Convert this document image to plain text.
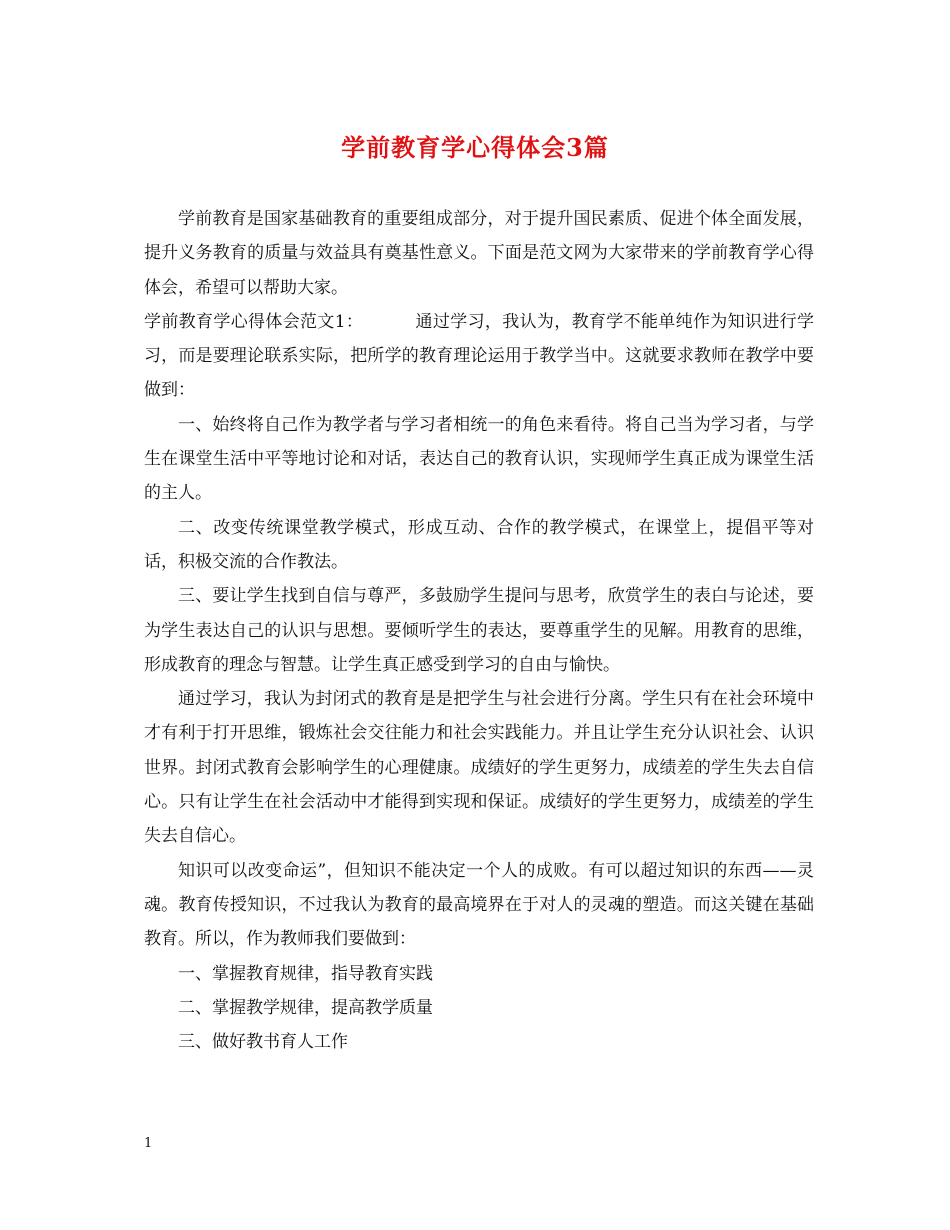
学前教育学心得体会3篇

学前教育是国家基础教育的重要组成部分，对于提升国民素质、促进个体全面发展，提升义务教育的质量与效益具有奠基性意义。下面是范文网为大家带来的学前教育学心得体会，希望可以帮助大家。

学前教育学心得体会范文1：	通过学习，我认为，教育学不能单纯作为知识进行学习，而是要理论联系实际，把所学的教育理论运用于教学当中。这就要求教师在教学中要做到：

一、始终将自己作为教学者与学习者相统一的角色来看待。将自己当为学习者，与学生在课堂生活中平等地讨论和对话，表达自己的教育认识，实现师学生真正成为课堂生活的主人。

二、改变传统课堂教学模式，形成互动、合作的教学模式，在课堂上，提倡平等对话，积极交流的合作教法。

三、要让学生找到自信与尊严，多鼓励学生提问与思考，欣赏学生的表白与论述，要为学生表达自己的认识与思想。要倾听学生的表达，要尊重学生的见解。用教育的思维，形成教育的理念与智慧。让学生真正感受到学习的自由与愉快。

通过学习，我认为封闭式的教育是是把学生与社会进行分离。学生只有在社会环境中才有利于打开思维，锻炼社会交往能力和社会实践能力。并且让学生充分认识社会、认识世界。封闭式教育会影响学生的心理健康。成绩好的学生更努力，成绩差的学生失去自信心。只有让学生在社会活动中才能得到实现和保证。成绩好的学生更努力，成绩差的学生失去自信心。

知识可以改变命运”，但知识不能决定一个人的成败。有可以超过知识的东西——灵魂。教育传授知识，不过我认为教育的最高境界在于对人的灵魂的塑造。而这关键在基础教育。所以，作为教师我们要做到：

一、掌握教育规律，指导教育实践

二、掌握教学规律，提高教学质量

三、做好教书育人工作

1
